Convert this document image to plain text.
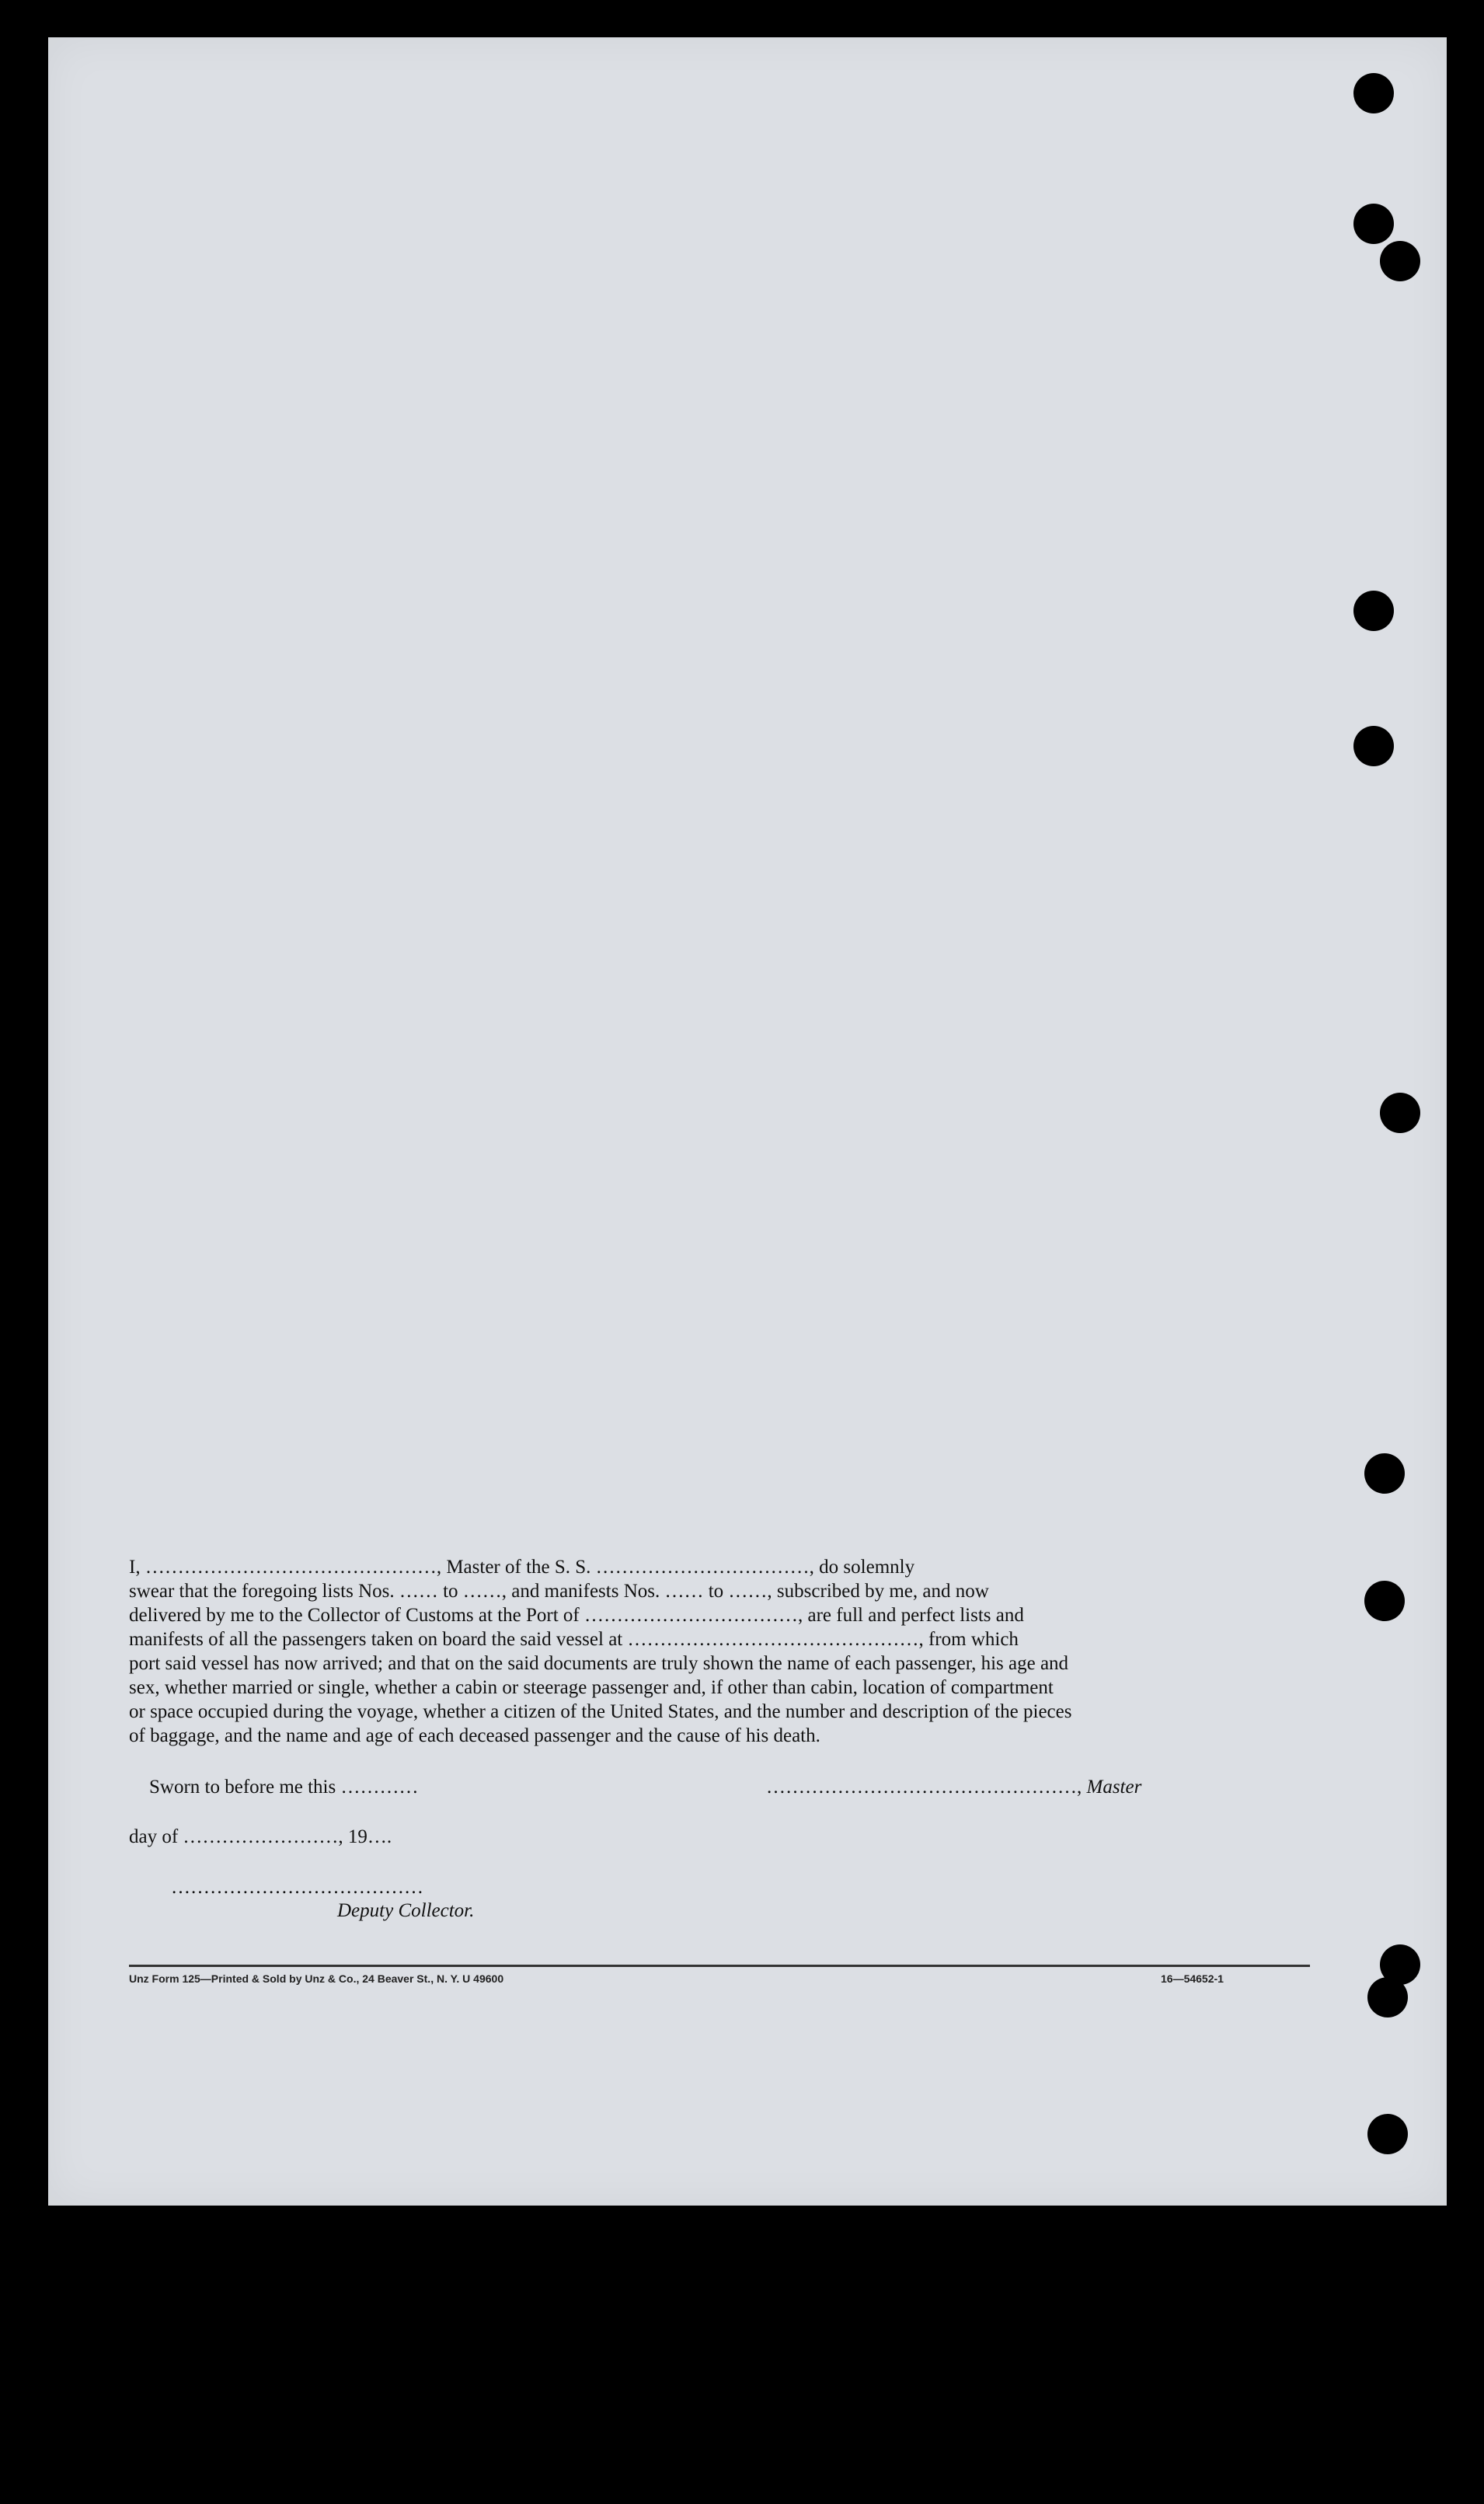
I, ………………………………………, Master of the S. S. ……………………………, do solemnly

swear that the foregoing lists Nos. …… to ……, and manifests Nos. …… to ……, subscribed by me, and now

delivered by me to the Collector of Customs at the Port of ……………………………, are full and perfect lists and

manifests of all the passengers taken on board the said vessel at ………………………………………, from which

port said vessel has now arrived; and that on the said documents are truly shown the name of each passenger, his age and

sex, whether married or single, whether a cabin or steerage passenger and, if other than cabin, location of compartment

or space occupied during the voyage, whether a citizen of the United States, and the number and description of the pieces

of baggage, and the name and age of each deceased passenger and the cause of his death.

Sworn to before me this …………	…………………………………………, Master
day of ……………………, 19….
…………………………………
Deputy Collector.
Unz Form 125—Printed & Sold by Unz & Co., 24 Beaver St., N. Y. U 49600	16—54652-1
